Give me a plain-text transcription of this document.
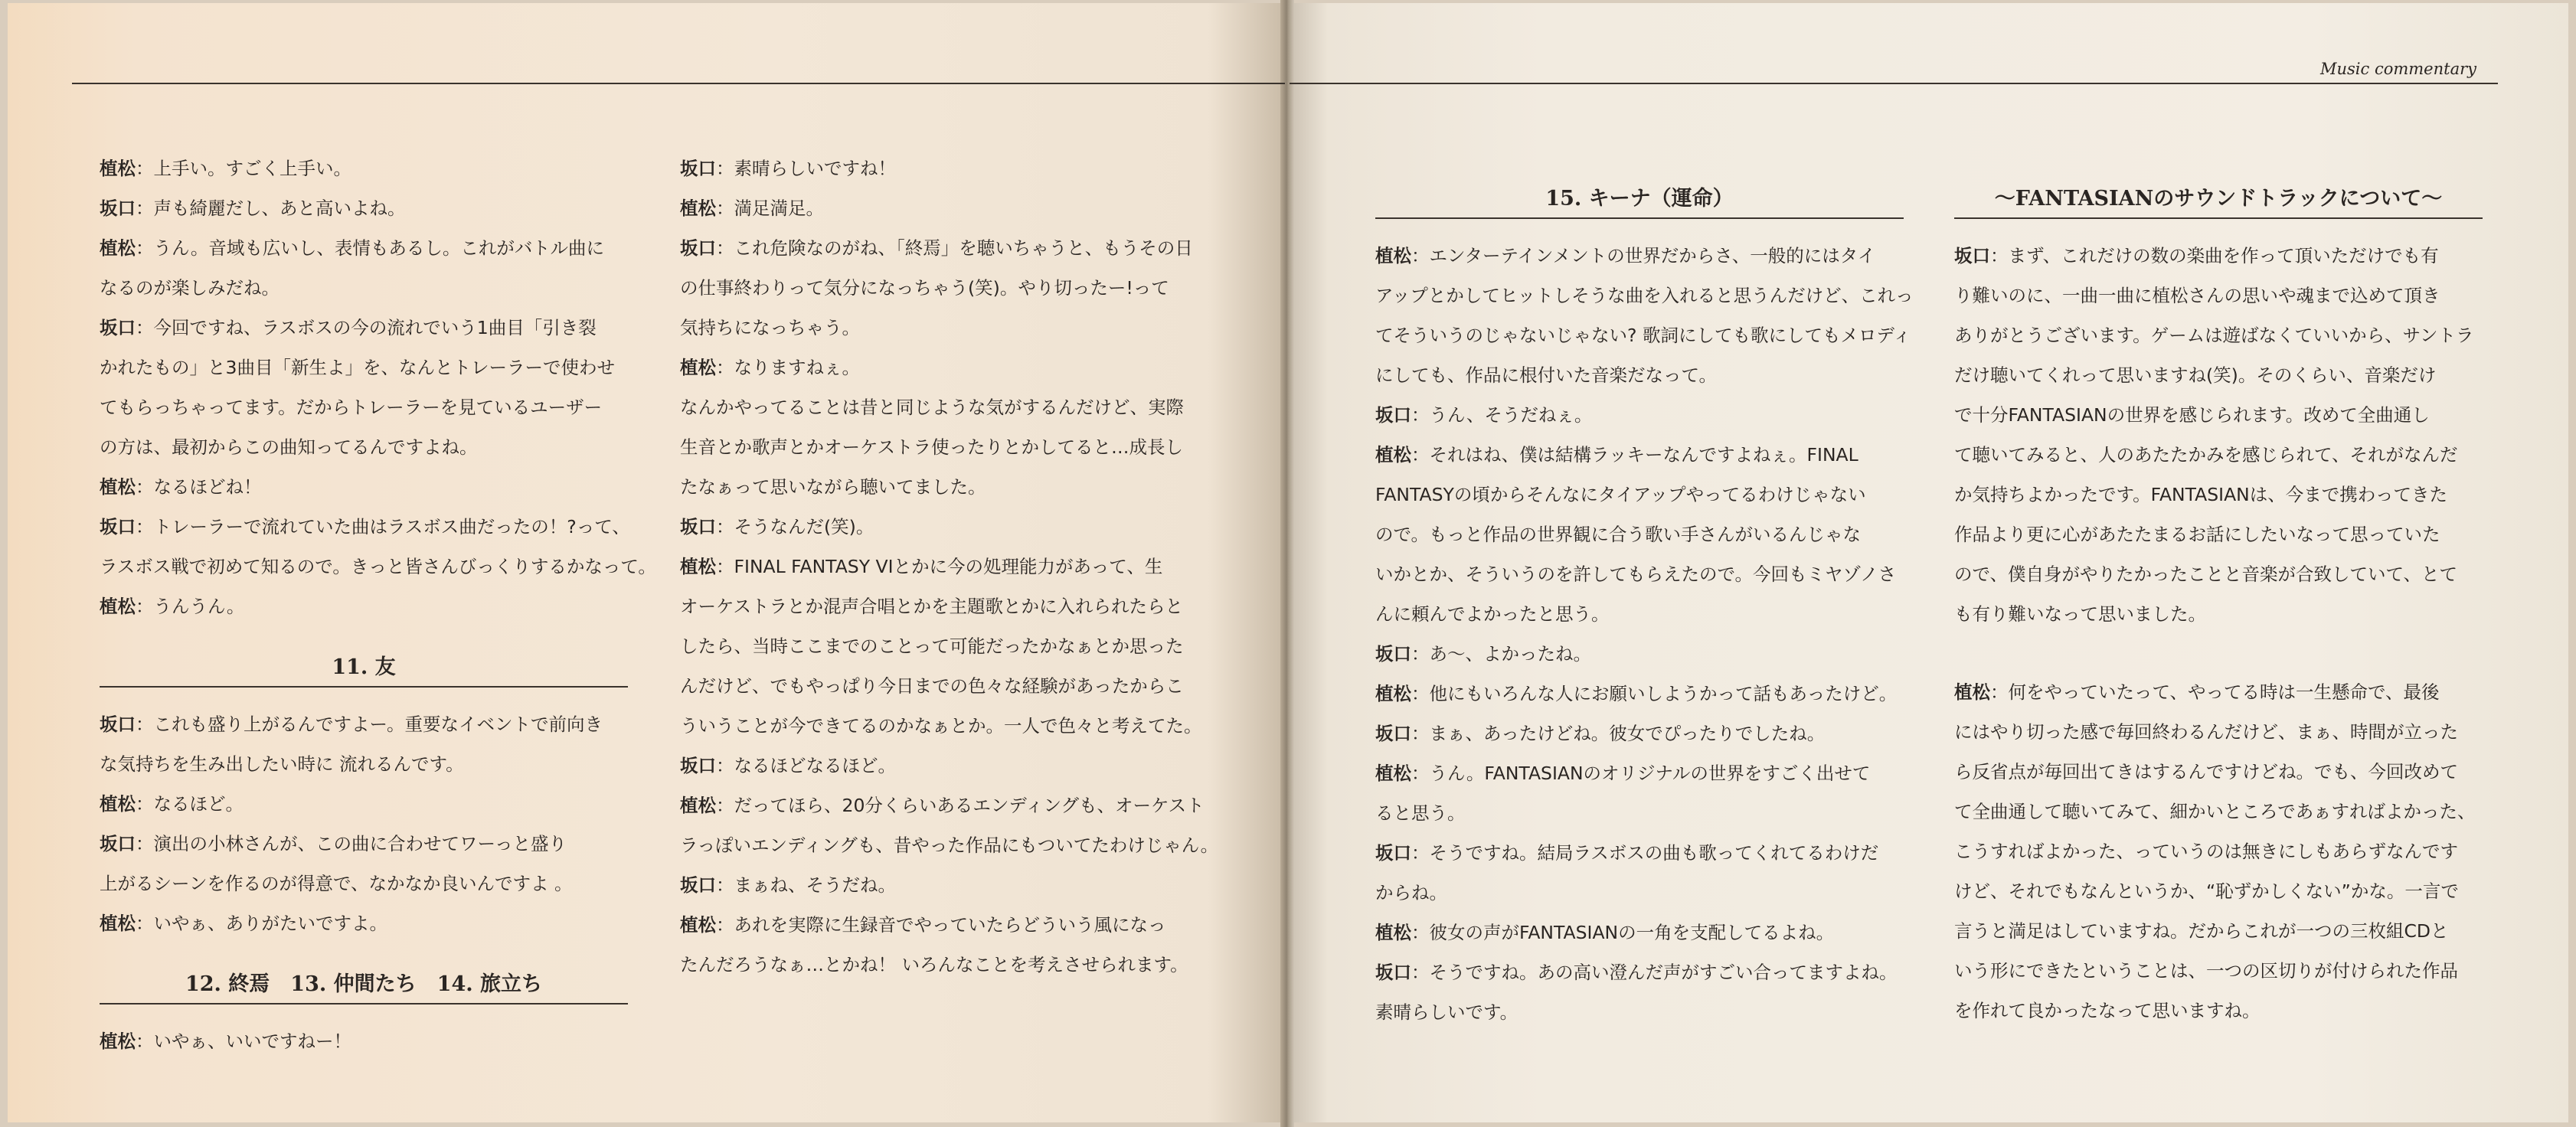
Music commentary
植松：上手い。すごく上手い。
坂口：声も綺麗だし、あと高いよね。
植松：うん。音域も広いし、表情もあるし。これがバトル曲に
なるのが楽しみだね。
坂口：今回ですね、ラスボスの今の流れでいう1曲目「引き裂
かれたもの」と3曲目「新生よ」を、なんとトレーラーで使わせ
てもらっちゃってます。だからトレーラーを見ているユーザー
の方は、最初からこの曲知ってるんですよね。
植松：なるほどね！
坂口：トレーラーで流れていた曲はラスボス曲だったの！?って、
ラスボス戦で初めて知るので。きっと皆さんびっくりするかなって。
植松：うんうん。
11. 友
坂口：これも盛り上がるんですよー。重要なイベントで前向き
な気持ちを生み出したい時に 流れるんです。
植松：なるほど。
坂口：演出の小林さんが、この曲に合わせてワーっと盛り
上がるシーンを作るのが得意で、なかなか良いんですよ 。
植松：いやぁ、ありがたいですよ。
12. 終焉　13. 仲間たち　14. 旅立ち
植松：いやぁ、いいですねー！
坂口：素晴らしいですね！
植松：満足満足。
坂口：これ危険なのがね、「終焉」を聴いちゃうと、もうその日
の仕事終わりって気分になっちゃう(笑)。やり切ったー!って
気持ちになっちゃう。
植松：なりますねぇ。
なんかやってることは昔と同じような気がするんだけど、実際
生音とか歌声とかオーケストラ使ったりとかしてると…成長し
たなぁって思いながら聴いてました。
坂口：そうなんだ(笑)。
植松：FINAL FANTASY VIとかに今の処理能力があって、生
オーケストラとか混声合唱とかを主題歌とかに入れられたらと
したら、当時ここまでのことって可能だったかなぁとか思った
んだけど、でもやっぱり今日までの色々な経験があったからこ
ういうことが今できてるのかなぁとか。一人で色々と考えてた。
坂口：なるほどなるほど。
植松：だってほら、20分くらいあるエンディングも、オーケスト
ラっぽいエンディングも、昔やった作品にもついてたわけじゃん。
坂口：まぁね、そうだね。
植松：あれを実際に生録音でやっていたらどういう風になっ
たんだろうなぁ…とかね！ いろんなことを考えさせられます。
15. キーナ（運命）
植松：エンターテインメントの世界だからさ、一般的にはタイ
アップとかしてヒットしそうな曲を入れると思うんだけど、これっ
てそういうのじゃないじゃない? 歌詞にしても歌にしてもメロディ
にしても、作品に根付いた音楽だなって。
坂口：うん、そうだねぇ。
植松：それはね、僕は結構ラッキーなんですよねぇ。FINAL
FANTASYの頃からそんなにタイアップやってるわけじゃない
ので。もっと作品の世界観に合う歌い手さんがいるんじゃな
いかとか、そういうのを許してもらえたので。今回もミヤゾノさ
んに頼んでよかったと思う。
坂口：あ～、よかったね。
植松：他にもいろんな人にお願いしようかって話もあったけど。
坂口：まぁ、あったけどね。彼女でぴったりでしたね。
植松：うん。FANTASIANのオリジナルの世界をすごく出せて
ると思う。
坂口：そうですね。結局ラスボスの曲も歌ってくれてるわけだ
からね。
植松：彼女の声がFANTASIANの一角を支配してるよね。
坂口：そうですね。あの高い澄んだ声がすごい合ってますよね。
素晴らしいです。
～FANTASIANのサウンドトラックについて～
坂口：まず、これだけの数の楽曲を作って頂いただけでも有
り難いのに、一曲一曲に植松さんの思いや魂まで込めて頂き
ありがとうございます。ゲームは遊ばなくていいから、サントラ
だけ聴いてくれって思いますね(笑)。そのくらい、音楽だけ
で十分FANTASIANの世界を感じられます。改めて全曲通し
て聴いてみると、人のあたたかみを感じられて、それがなんだ
か気持ちよかったです。FANTASIANは、今まで携わってきた
作品より更に心があたたまるお話にしたいなって思っていた
ので、僕自身がやりたかったことと音楽が合致していて、とて
も有り難いなって思いました。
植松：何をやっていたって、やってる時は一生懸命で、最後
にはやり切った感で毎回終わるんだけど、まぁ、時間が立った
ら反省点が毎回出てきはするんですけどね。でも、今回改めて
て全曲通して聴いてみて、細かいところであぁすればよかった、
こうすればよかった、っていうのは無きにしもあらずなんです
けど、それでもなんというか、“恥ずかしくない”かな。一言で
言うと満足はしていますね。だからこれが一つの三枚組CDと
いう形にできたということは、一つの区切りが付けられた作品
を作れて良かったなって思いますね。
